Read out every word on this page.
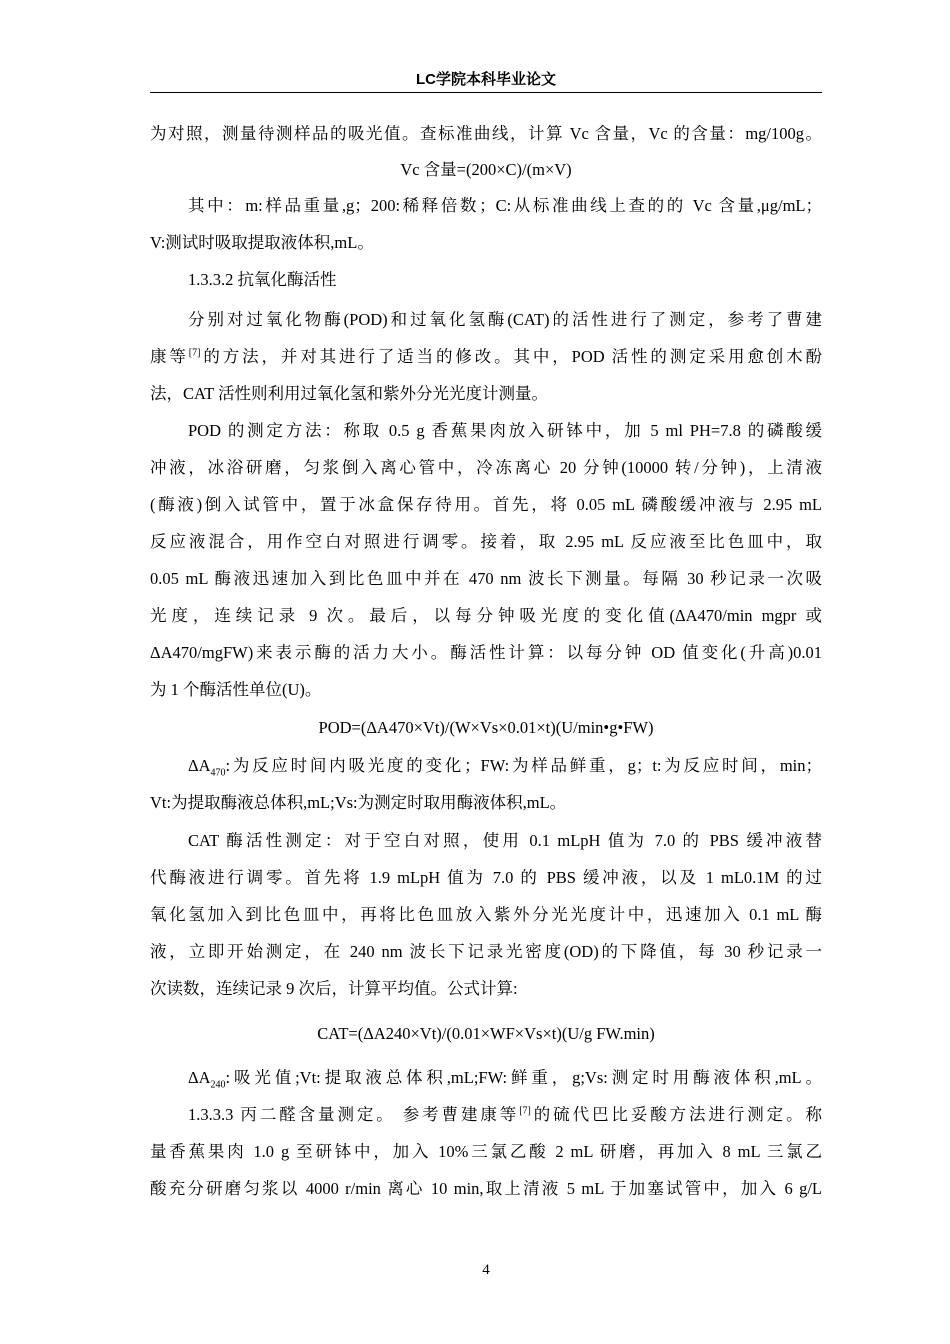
LC学院本科毕业论文
为对照，测量待测样品的吸光值。查标准曲线，计算 Vc 含量，Vc 的含量：mg/100g。
Vc 含量=(200×C)/(m×V)
其中：m:样品重量,g；200:稀释倍数；C:从标准曲线上查的的 Vc 含量,μg/mL；
V:测试时吸取提取液体积,mL。
1.3.3.2 抗氧化酶活性
分别对过氧化物酶(POD)和过氧化氢酶(CAT)的活性进行了测定，参考了曹建
康等[7]的方法，并对其进行了适当的修改。其中，POD 活性的测定采用愈创木酚
法，CAT 活性则利用过氧化氢和紫外分光光度计测量。
POD 的测定方法：称取 0.5 g 香蕉果肉放入研钵中，加 5 ml PH=7.8 的磷酸缓
冲液，冰浴研磨，匀浆倒入离心管中，冷冻离心 20 分钟(10000 转/分钟)，上清液
(酶液)倒入试管中，置于冰盒保存待用。首先，将 0.05 mL 磷酸缓冲液与 2.95 mL
反应液混合，用作空白对照进行调零。接着，取 2.95 mL 反应液至比色皿中，取
0.05 mL 酶液迅速加入到比色皿中并在 470 nm 波长下测量。每隔 30 秒记录一次吸
光度，连续记录 9 次。最后，以每分钟吸光度的变化值(ΔA470/min mgpr 或
ΔA470/mgFW)来表示酶的活力大小。酶活性计算：以每分钟 OD 值变化(升高)0.01
为 1 个酶活性单位(U)。
POD=(ΔA470×Vt)/(W×Vs×0.01×t)(U/min•g•FW)
$\Delta A_{470}$:为反应时间内吸光度的变化；FW:为样品鲜重，g；t:为反应时间，min；
Vt:为提取酶液总体积,mL;Vs:为测定时取用酶液体积,mL。
CAT 酶活性测定：对于空白对照，使用 0.1 mLpH 值为 7.0 的 PBS 缓冲液替
代酶液进行调零。首先将 1.9 mLpH 值为 7.0 的 PBS 缓冲液，以及 1 mL0.1M 的过
氧化氢加入到比色皿中，再将比色皿放入紫外分光光度计中，迅速加入 0.1 mL 酶
液，立即开始测定，在 240 nm 波长下记录光密度(OD)的下降值，每 30 秒记录一
次读数，连续记录 9 次后，计算平均值。公式计算:
CAT=(ΔA240×Vt)/(0.01×WF×Vs×t)(U/g FW.min)
$\Delta A_{240}$:吸光值;Vt:提取液总体积,mL;FW:鲜重，g;Vs:测定时用酶液体积,mL。
1.3.3.3 丙二醛含量测定。 参考曹建康等[7]的硫代巴比妥酸方法进行测定。称
量香蕉果肉 1.0 g 至研钵中，加入 10%三氯乙酸 2 mL 研磨，再加入 8 mL 三氯乙
酸充分研磨匀浆以 4000 r/min 离心 10 min,取上清液 5 mL 于加塞试管中，加入 6 g/L
4
